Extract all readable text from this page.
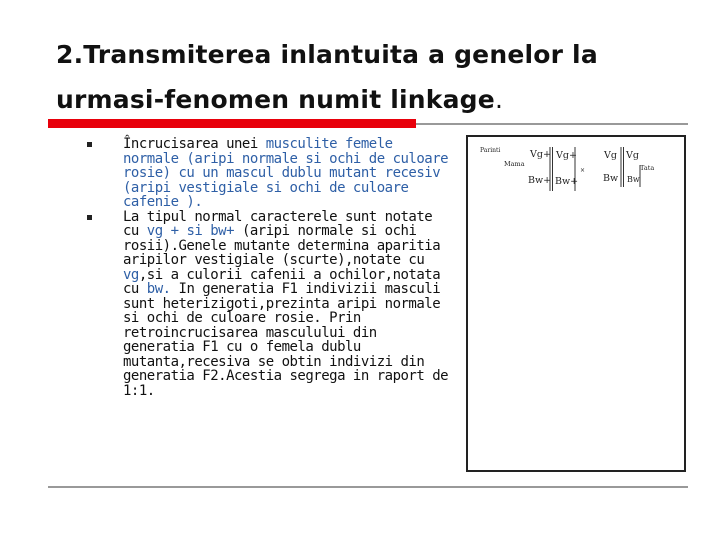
2.Transmiterea inlantuita a genelor la
urmasi-fenomen numit linkage.
Încrucisarea unei musculite femele normale (aripi normale si ochi de culoare rosie) cu un mascul dublu mutant recesiv (aripi vestigiale si ochi de culoare cafenie ).
La tipul normal caracterele sunt notate cu vg + si bw+ (aripi normale si ochi rosii).Genele mutante determina aparitia aripilor vestigiale (scurte),notate cu vg,si a culorii cafenii a ochilor,notata cu bw. In generatia F1 indivizii masculi sunt heterizigoti,prezinta aripi normale si ochi de culoare rosie. Prin retroincrucisarea masculului din generatia F1 cu o femela dublu mutanta,recesiva se obtin indivizi din generatia F2.Acestia segrega in raport de 1:1.
Parinti
Mama	Tata
Vg+ Vg+
Bw+ Bw+
×
Vg Vg
Bw Bw
